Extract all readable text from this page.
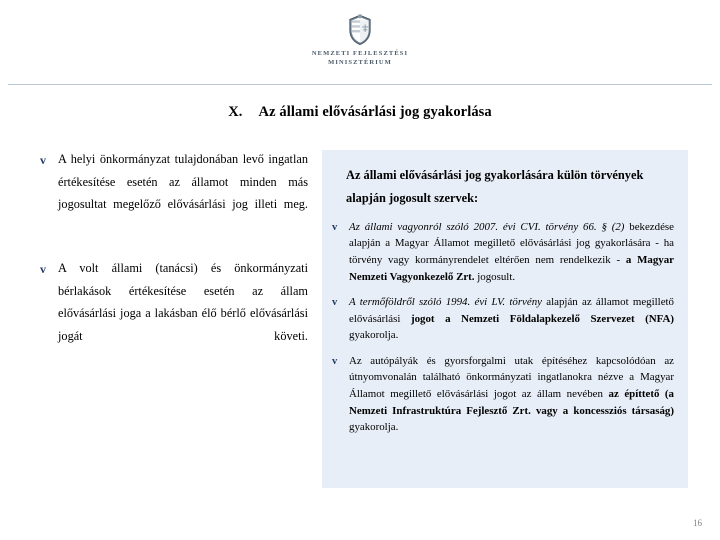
NEMZETI FEJLESZTÉSI
MINISZTÉRIUM
X. Az állami elővásárlási jog gyakorlása
v A helyi önkormányzat tulajdonában levő ingatlan értékesítése esetén az államot minden más jogosultat megelőző elővásárlási jog illeti meg.
v A volt állami (tanácsi) és önkormányzati bérlakások értékesítése esetén az állam elővásárlási joga a lakásban élő bérlő elővásárlási jogát követi.
Az állami elővásárlási jog gyakorlására külön törvények alapján jogosult szervek:
v	Az állami vagyonról szóló 2007. évi CVI. törvény 66. § (2) bekezdése alapján a Magyar Államot megillető elővásárlási jog gyakorlására - ha törvény vagy kormányrendelet eltérően nem rendelkezik - a Magyar Nemzeti Vagyonkezelő Zrt. jogosult.
v	A termőföldről szóló 1994. évi LV. törvény alapján az államot megillető elővásárlási jogot a Nemzeti Földalapkezelő Szervezet (NFA) gyakorolja.
v	Az autópályák és gyorsforgalmi utak építéséhez kapcsolódóan az útnyomvonalán található önkormányzati ingatlanokra nézve a Magyar Államot megillető elővásárlási jogot az állam nevében az építtető (a Nemzeti Infrastruktúra Fejlesztő Zrt. vagy a koncessziós társaság) gyakorolja.
16
